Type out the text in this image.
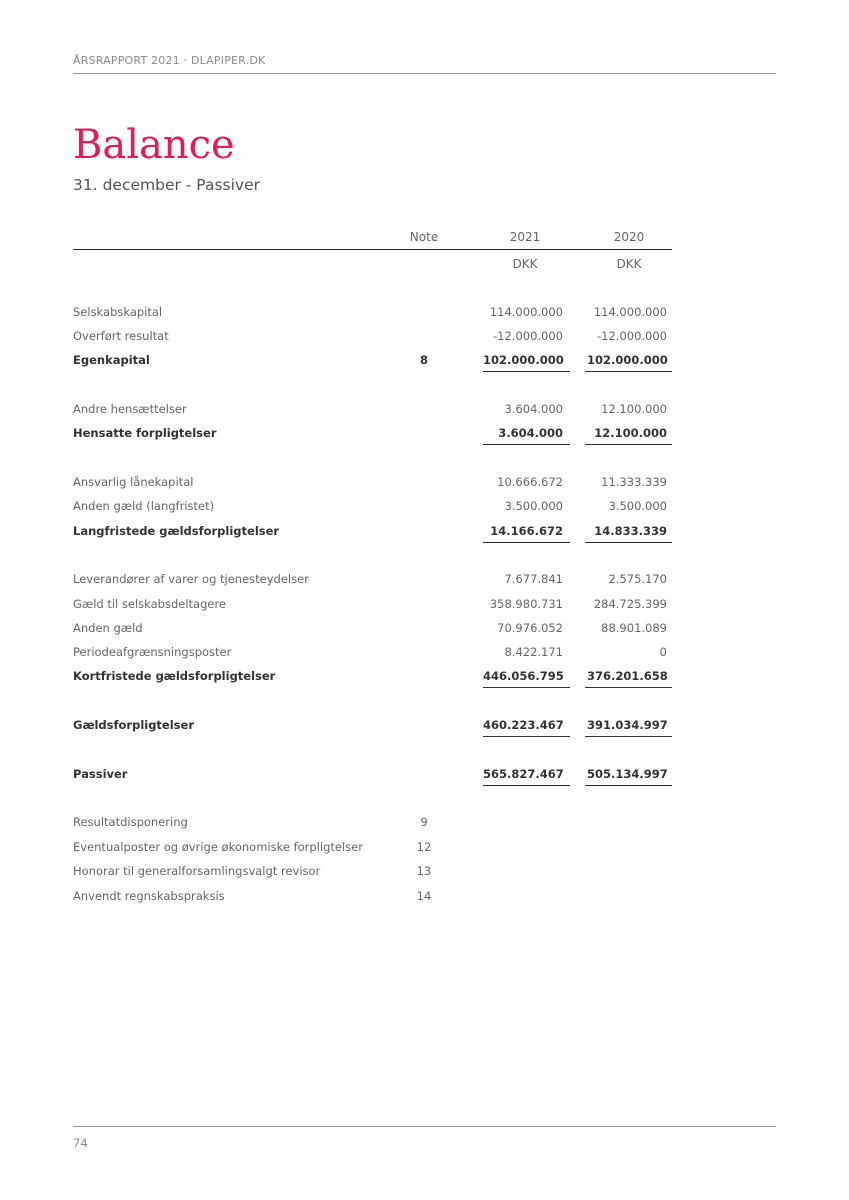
ÅRSRAPPORT 2021 · DLAPIPER.DK
Balance
31. december - Passiver
Note	2021	2020
DKK	DKK
Selskabskapital	114.000.000	114.000.000
Overført resultat	-12.000.000	-12.000.000
Egenkapital	8	102.000.000 102.000.000
Andre hensættelser	3.604.000	12.100.000
Hensatte forpligtelser	3.604.000	12.100.000
Ansvarlig lånekapital	10.666.672	11.333.339
Anden gæld (langfristet)	3.500.000	3.500.000
Langfristede gældsforpligtelser	14.166.672	14.833.339
Leverandører af varer og tjenesteydelser	7.677.841	2.575.170
Gæld til selskabsdeltagere	358.980.731	284.725.399
Anden gæld	70.976.052	88.901.089
Periodeafgrænsningsposter	8.422.171	0
Kortfristede gældsforpligtelser	446.056.795 376.201.658
Gældsforpligtelser	460.223.467 391.034.997
Passiver	565.827.467 505.134.997
Resultatdisponering	9
Eventualposter og øvrige økonomiske forpligtelser	12
Honorar til generalforsamlingsvalgt revisor	13
Anvendt regnskabspraksis	14
74
